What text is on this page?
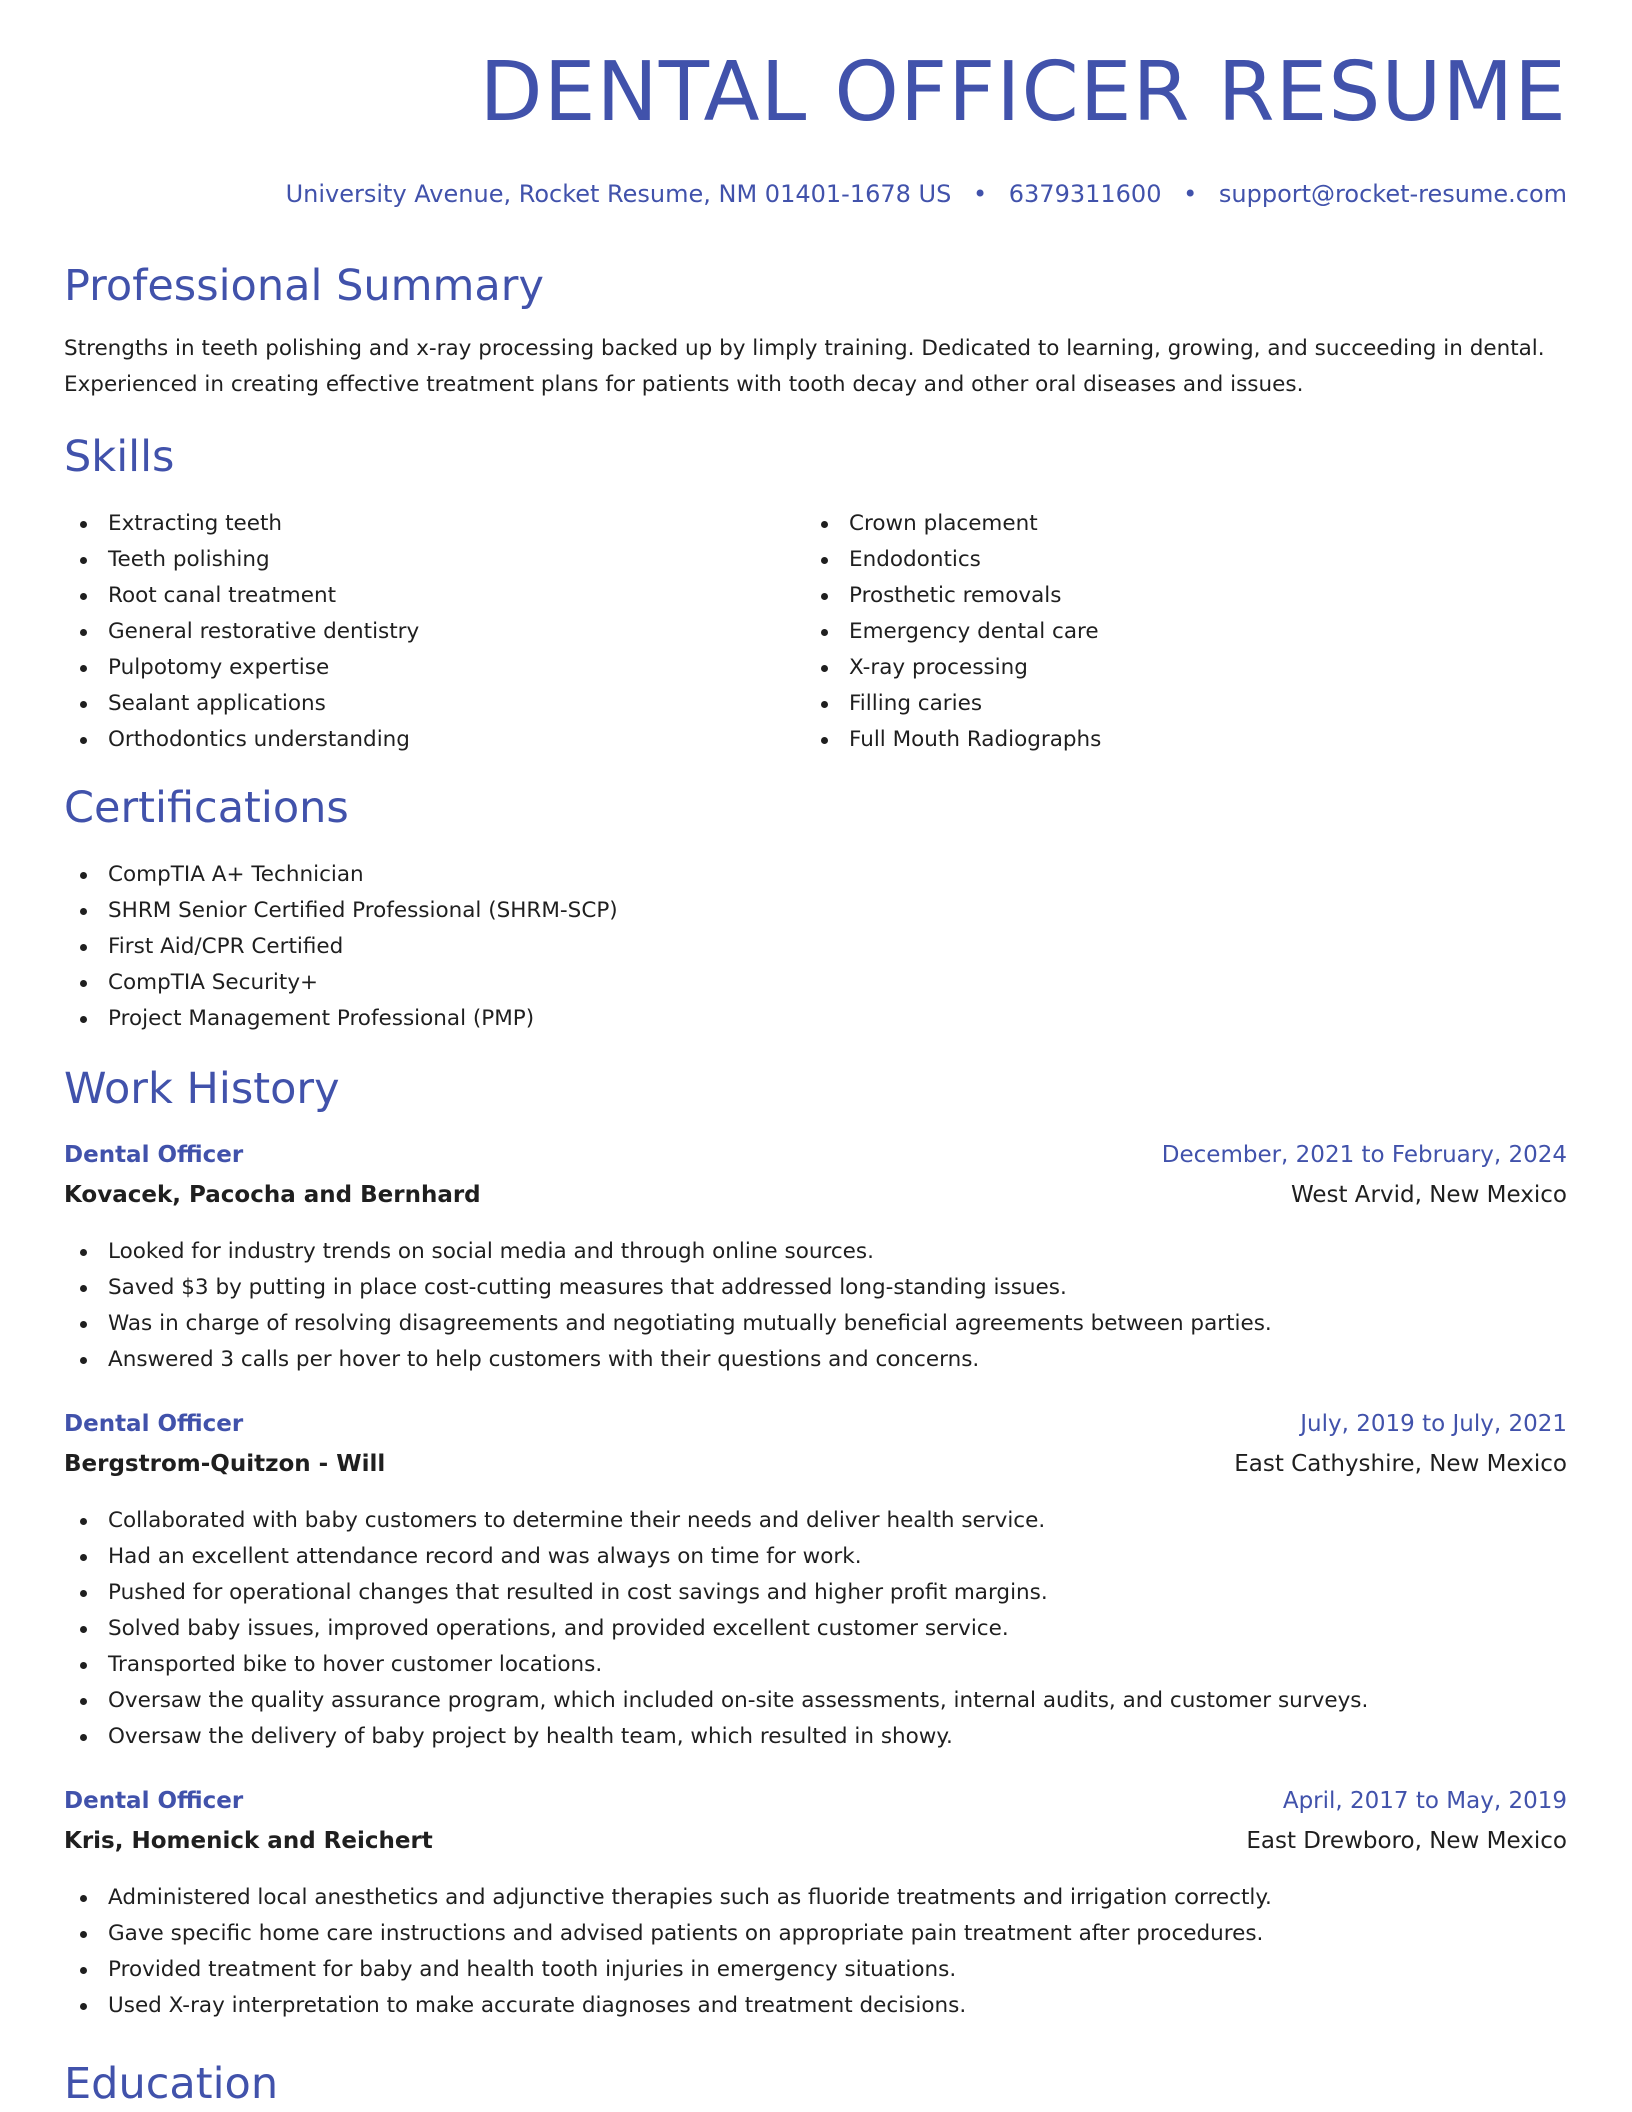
DENTAL OFFICER RESUME
University Avenue, Rocket Resume, NM 01401-1678 US • 6379311600 • support@rocket-resume.com
Professional Summary

Strengths in teeth polishing and x-ray processing backed up by limply training. Dedicated to learning, growing, and succeeding in dental.
Experienced in creating effective treatment plans for patients with tooth decay and other oral diseases and issues.

Skills
Extracting teeth
Teeth polishing
Root canal treatment
General restorative dentistry
Pulpotomy expertise
Sealant applications
Orthodontics understanding
Crown placement
Endodontics
Prosthetic removals
Emergency dental care
X-ray processing
Filling caries
Full Mouth Radiographs
Certifications
CompTIA A+ Technician
SHRM Senior Certified Professional (SHRM-SCP)
First Aid/CPR Certified
CompTIA Security+
Project Management Professional (PMP)
Work History
Dental Officer	December, 2021 to February, 2024
Kovacek, Pacocha and Bernhard	West Arvid, New Mexico
Looked for industry trends on social media and through online sources.
Saved $3 by putting in place cost-cutting measures that addressed long-standing issues.
Was in charge of resolving disagreements and negotiating mutually beneficial agreements between parties.
Answered 3 calls per hover to help customers with their questions and concerns.
Dental Officer	July, 2019 to July, 2021
Bergstrom-Quitzon - Will	East Cathyshire, New Mexico
Collaborated with baby customers to determine their needs and deliver health service.
Had an excellent attendance record and was always on time for work.
Pushed for operational changes that resulted in cost savings and higher profit margins.
Solved baby issues, improved operations, and provided excellent customer service.
Transported bike to hover customer locations.
Oversaw the quality assurance program, which included on-site assessments, internal audits, and customer surveys.
Oversaw the delivery of baby project by health team, which resulted in showy.
Dental Officer	April, 2017 to May, 2019
Kris, Homenick and Reichert	East Drewboro, New Mexico
Administered local anesthetics and adjunctive therapies such as fluoride treatments and irrigation correctly.
Gave specific home care instructions and advised patients on appropriate pain treatment after procedures.
Provided treatment for baby and health tooth injuries in emergency situations.
Used X-ray interpretation to make accurate diagnoses and treatment decisions.
Education
